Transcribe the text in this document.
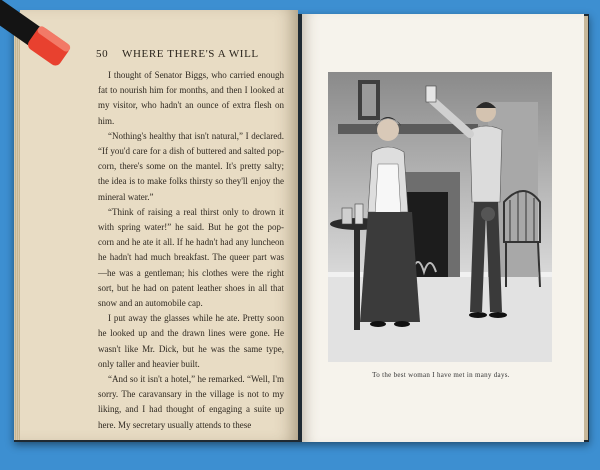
50 WHERE THERE'S A WILL

I thought of Senator Biggs, who carried enough fat to nourish him for months, and then I looked at my visitor, who hadn't an ounce of extra flesh on him.

“Nothing's healthy that isn't natural,” I declared. “If you'd care for a dish of buttered and salted pop-corn, there's some on the mantel. It's pretty salty; the idea is to make folks thirsty so they'll enjoy the mineral water.”

“Think of raising a real thirst only to drown it with spring water!” he said. But he got the pop-corn and he ate it all. If he hadn't had any luncheon he hadn't had much breakfast. The queer part was—he was a gentleman; his clothes were the right sort, but he had on patent leather shoes in all that snow and an automobile cap.

I put away the glasses while he ate. Pretty soon he looked up and the drawn lines were gone. He wasn't like Mr. Dick, but he was the same type, only taller and heavier built.

“And so it isn't a hotel,” he remarked. “Well, I'm sorry. The caravansary in the village is not to my liking, and I had thought of engaging a suite up here. My secretary usually attends to these

To the best woman I have met in many days.
